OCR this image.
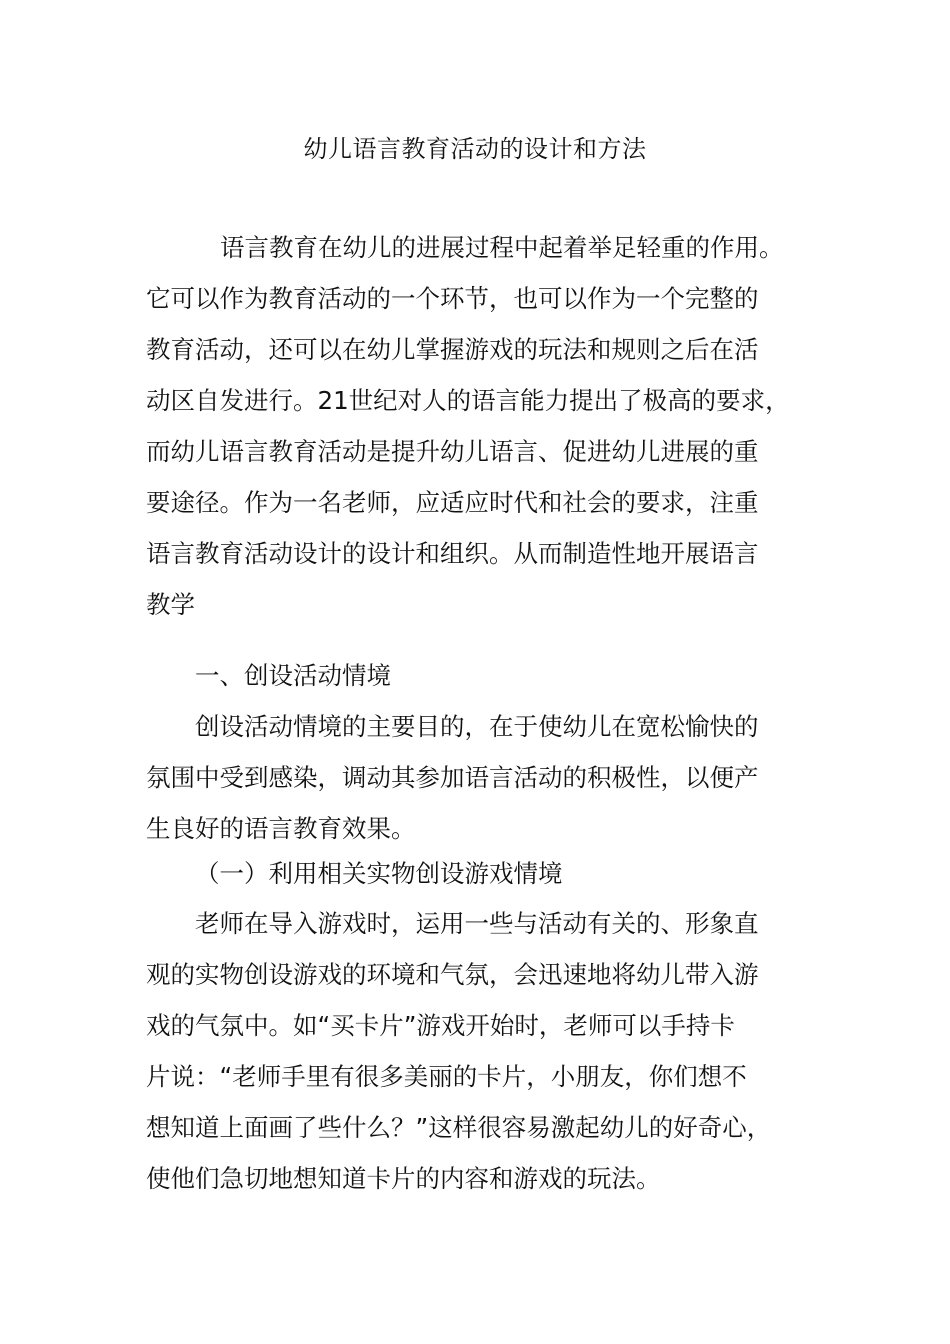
幼儿语言教育活动的设计和方法

语言教育在幼儿的进展过程中起着举足轻重的作用。

它可以作为教育活动的一个环节，也可以作为一个完整的

教育活动，还可以在幼儿掌握游戏的玩法和规则之后在活

动区自发进行。21世纪对人的语言能力提出了极高的要求，

而幼儿语言教育活动是提升幼儿语言、促进幼儿进展的重

要途径。作为一名老师，应适应时代和社会的要求，注重

语言教育活动设计的设计和组织。从而制造性地开展语言

教学

一、创设活动情境

创设活动情境的主要目的，在于使幼儿在宽松愉快的

氛围中受到感染，调动其参加语言活动的积极性，以便产

生良好的语言教育效果。

（一）利用相关实物创设游戏情境

老师在导入游戏时，运用一些与活动有关的、形象直

观的实物创设游戏的环境和气氛，会迅速地将幼儿带入游

戏的气氛中。如“买卡片”游戏开始时，老师可以手持卡

片说：“老师手里有很多美丽的卡片，小朋友，你们想不

想知道上面画了些什么？”这样很容易激起幼儿的好奇心，

使他们急切地想知道卡片的内容和游戏的玩法。
